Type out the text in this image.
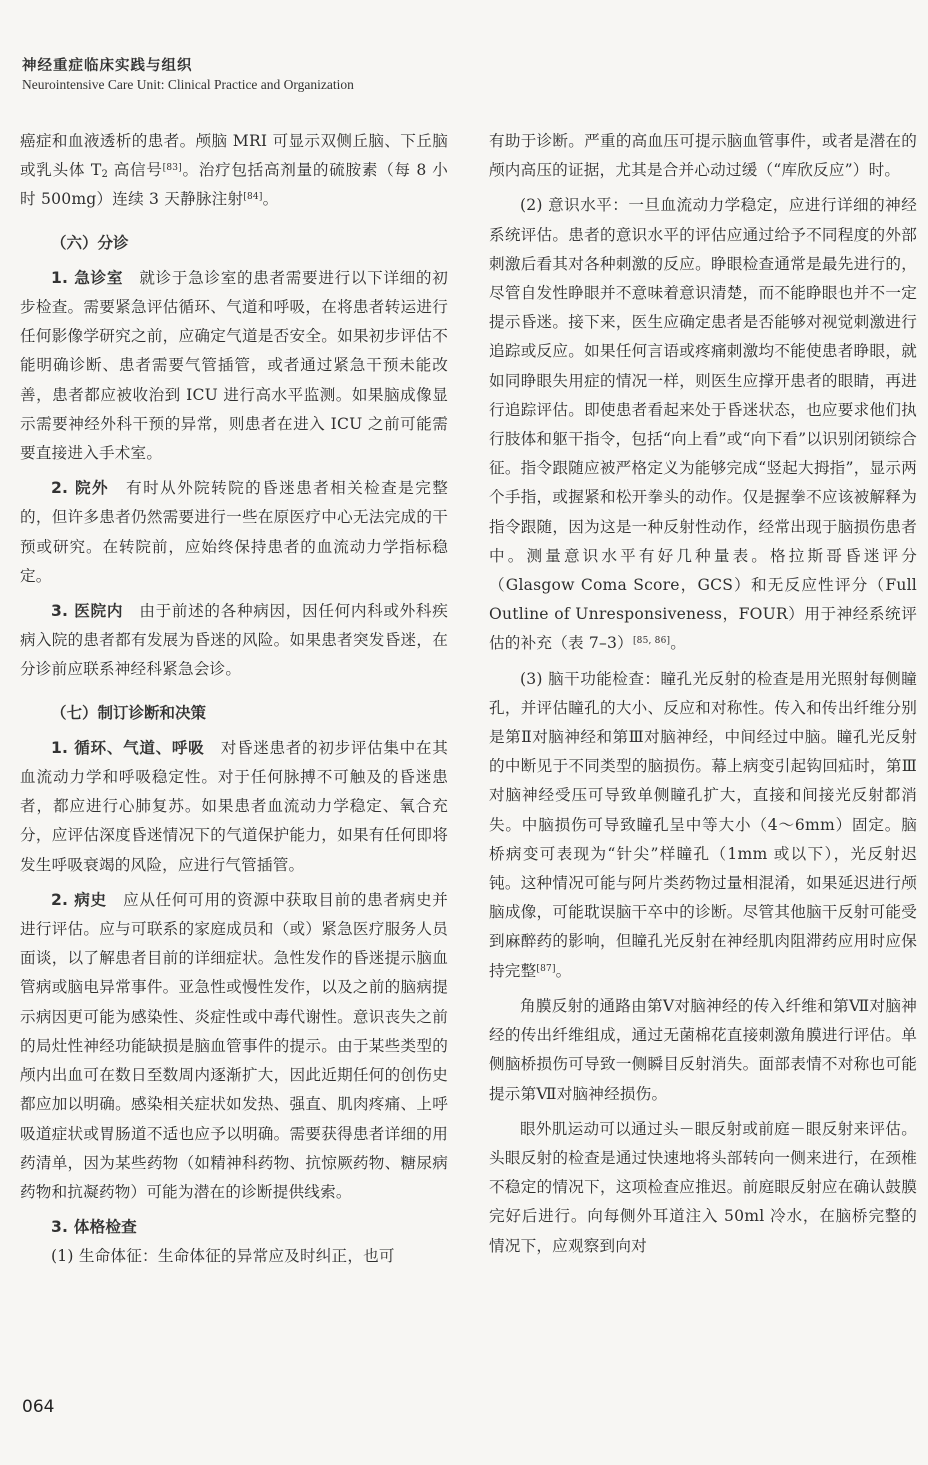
神经重症临床实践与组织
Neurointensive Care Unit: Clinical Practice and Organization

癌症和血液透析的患者。颅脑 MRI 可显示双侧丘脑、下丘脑或乳头体 $T_2$ 高信号[83]。治疗包括高剂量的硫胺素（每 8 小时 500mg）连续 3 天静脉注射[84]。

（六）分诊

1. 急诊室　就诊于急诊室的患者需要进行以下详细的初步检查。需要紧急评估循环、气道和呼吸，在将患者转运进行任何影像学研究之前，应确定气道是否安全。如果初步评估不能明确诊断、患者需要气管插管，或者通过紧急干预未能改善，患者都应被收治到 ICU 进行高水平监测。如果脑成像显示需要神经外科干预的异常，则患者在进入 ICU 之前可能需要直接进入手术室。

2. 院外　有时从外院转院的昏迷患者相关检查是完整的，但许多患者仍然需要进行一些在原医疗中心无法完成的干预或研究。在转院前，应始终保持患者的血流动力学指标稳定。

3. 医院内　由于前述的各种病因，因任何内科或外科疾病入院的患者都有发展为昏迷的风险。如果患者突发昏迷，在分诊前应联系神经科紧急会诊。

（七）制订诊断和决策

1. 循环、气道、呼吸　对昏迷患者的初步评估集中在其血流动力学和呼吸稳定性。对于任何脉搏不可触及的昏迷患者，都应进行心肺复苏。如果患者血流动力学稳定、氧合充分，应评估深度昏迷情况下的气道保护能力，如果有任何即将发生呼吸衰竭的风险，应进行气管插管。

2. 病史　应从任何可用的资源中获取目前的患者病史并进行评估。应与可联系的家庭成员和（或）紧急医疗服务人员面谈，以了解患者目前的详细症状。急性发作的昏迷提示脑血管病或脑电异常事件。亚急性或慢性发作，以及之前的脑病提示病因更可能为感染性、炎症性或中毒代谢性。意识丧失之前的局灶性神经功能缺损是脑血管事件的提示。由于某些类型的颅内出血可在数日至数周内逐渐扩大，因此近期任何的创伤史都应加以明确。感染相关症状如发热、强直、肌肉疼痛、上呼吸道症状或胃肠道不适也应予以明确。需要获得患者详细的用药清单，因为某些药物（如精神科药物、抗惊厥药物、糖尿病药物和抗凝药物）可能为潜在的诊断提供线索。

3. 体格检查

(1) 生命体征：生命体征的异常应及时纠正，也可

有助于诊断。严重的高血压可提示脑血管事件，或者是潜在的颅内高压的证据，尤其是合并心动过缓（“库欣反应”）时。

(2) 意识水平：一旦血流动力学稳定，应进行详细的神经系统评估。患者的意识水平的评估应通过给予不同程度的外部刺激后看其对各种刺激的反应。睁眼检查通常是最先进行的，尽管自发性睁眼并不意味着意识清楚，而不能睁眼也并不一定提示昏迷。接下来，医生应确定患者是否能够对视觉刺激进行追踪或反应。如果任何言语或疼痛刺激均不能使患者睁眼，就如同睁眼失用症的情况一样，则医生应撑开患者的眼睛，再进行追踪评估。即使患者看起来处于昏迷状态，也应要求他们执行肢体和躯干指令，包括“向上看”或“向下看”以识别闭锁综合征。指令跟随应被严格定义为能够完成“竖起大拇指”，显示两个手指，或握紧和松开拳头的动作。仅是握拳不应该被解释为指令跟随，因为这是一种反射性动作，经常出现于脑损伤患者中。测量意识水平有好几种量表。格拉斯哥昏迷评分（Glasgow Coma Score，GCS）和无反应性评分（Full Outline of Unresponsiveness，FOUR）用于神经系统评估的补充（表 7–3）[85, 86]。

(3) 脑干功能检查：瞳孔光反射的检查是用光照射每侧瞳孔，并评估瞳孔的大小、反应和对称性。传入和传出纤维分别是第Ⅱ对脑神经和第Ⅲ对脑神经，中间经过中脑。瞳孔光反射的中断见于不同类型的脑损伤。幕上病变引起钩回疝时，第Ⅲ对脑神经受压可导致单侧瞳孔扩大，直接和间接光反射都消失。中脑损伤可导致瞳孔呈中等大小（4～6mm）固定。脑桥病变可表现为“针尖”样瞳孔（1mm 或以下），光反射迟钝。这种情况可能与阿片类药物过量相混淆，如果延迟进行颅脑成像，可能耽误脑干卒中的诊断。尽管其他脑干反射可能受到麻醉药的影响，但瞳孔光反射在神经肌肉阻滞药应用时应保持完整[87]。

角膜反射的通路由第Ⅴ对脑神经的传入纤维和第Ⅶ对脑神经的传出纤维组成，通过无菌棉花直接刺激角膜进行评估。单侧脑桥损伤可导致一侧瞬目反射消失。面部表情不对称也可能提示第Ⅶ对脑神经损伤。

眼外肌运动可以通过头－眼反射或前庭－眼反射来评估。头眼反射的检查是通过快速地将头部转向一侧来进行，在颈椎不稳定的情况下，这项检查应推迟。前庭眼反射应在确认鼓膜完好后进行。向每侧外耳道注入 50ml 冷水，在脑桥完整的情况下，应观察到向对

064
